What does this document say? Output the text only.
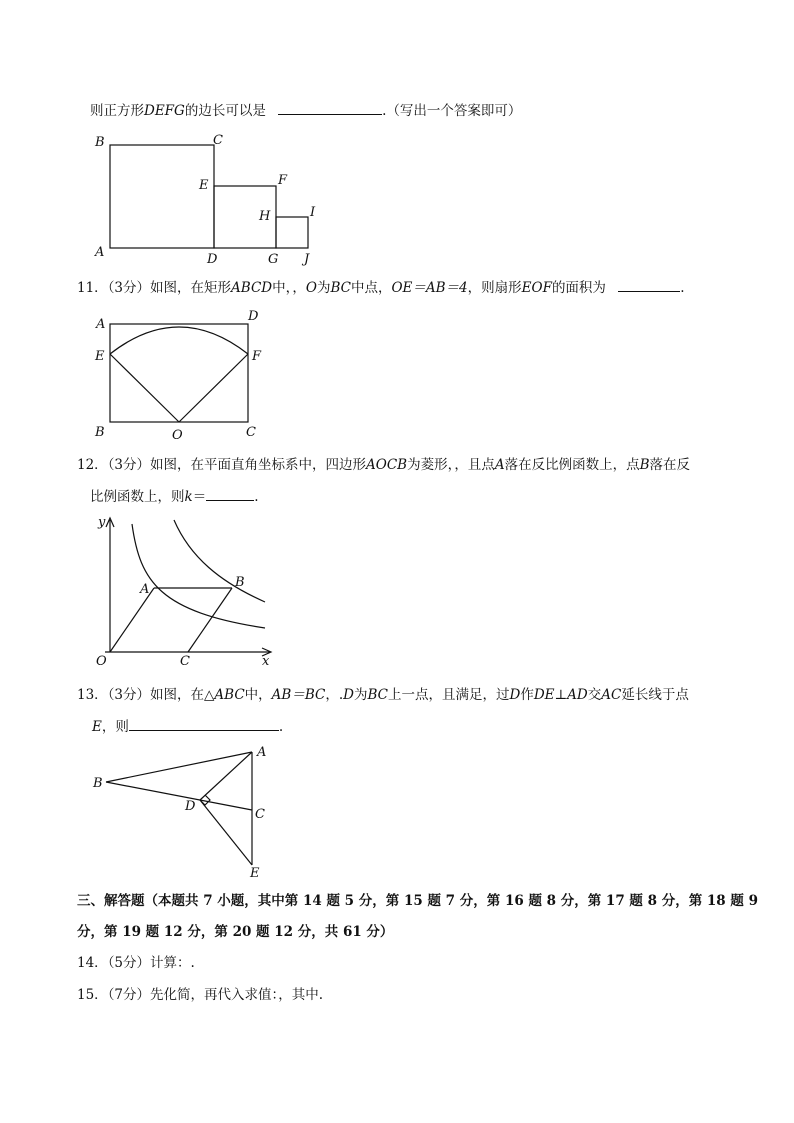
则正方形DEFG的边长可以是	.（写出一个答案即可）
B	C
E	F
H	I
A	D	G J
11．（3分）如图，在矩形ABCD中，，O为BC中点，OE＝AB＝4，则扇形EOF的面积为	.
A
D
E	F
B	O	C
12．（3分）如图，在平面直角坐标系中，四边形AOCB为菱形，，且点A落在反比例函数上，点B落在反
比例函数上，则k＝	.
y
A	B
O	C	x
13．（3分）如图，在△ABC中，AB＝BC，.D为BC上一点，且满足，过D作DE⊥AD交AC延长线于点
E，则	.
A
B
D
C
E
三、解答题（本题共 7 小题，其中第 14 题 5 分，第 15 题 7 分，第 16 题 8 分，第 17 题 8 分，第 18 题 9
分，第 19 题 12 分，第 20 题 12 分，共 61 分）
14．（5分）计算：.
15．（7分）先化简，再代入求值：，其中.
